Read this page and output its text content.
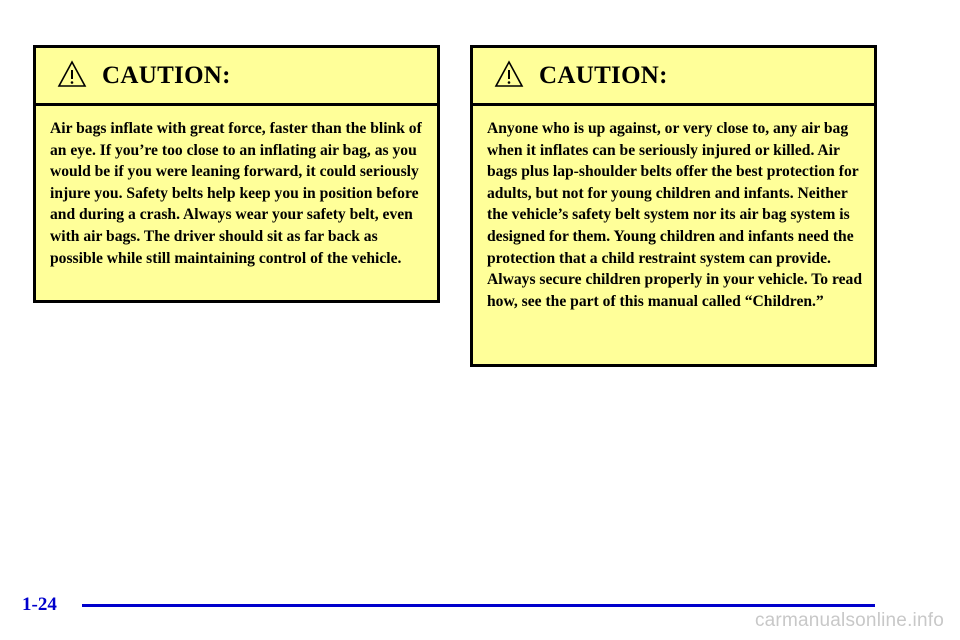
CAUTION:

Air bags inflate with great force, faster than the blink of an eye. If you’re too close to an inflating air bag, as you would be if you were leaning forward, it could seriously injure you. Safety belts help keep you in position before and during a crash. Always wear your safety belt, even with air bags. The driver should sit as far back as possible while still maintaining control of the vehicle.

CAUTION:

Anyone who is up against, or very close to, any air bag when it inflates can be seriously injured or killed. Air bags plus lap-shoulder belts offer the best protection for adults, but not for young children and infants. Neither the vehicle’s safety belt system nor its air bag system is designed for them. Young children and infants need the protection that a child restraint system can provide. Always secure children properly in your vehicle. To read how, see the part of this manual called “Children.”

1-24
carmanualsonline.info
